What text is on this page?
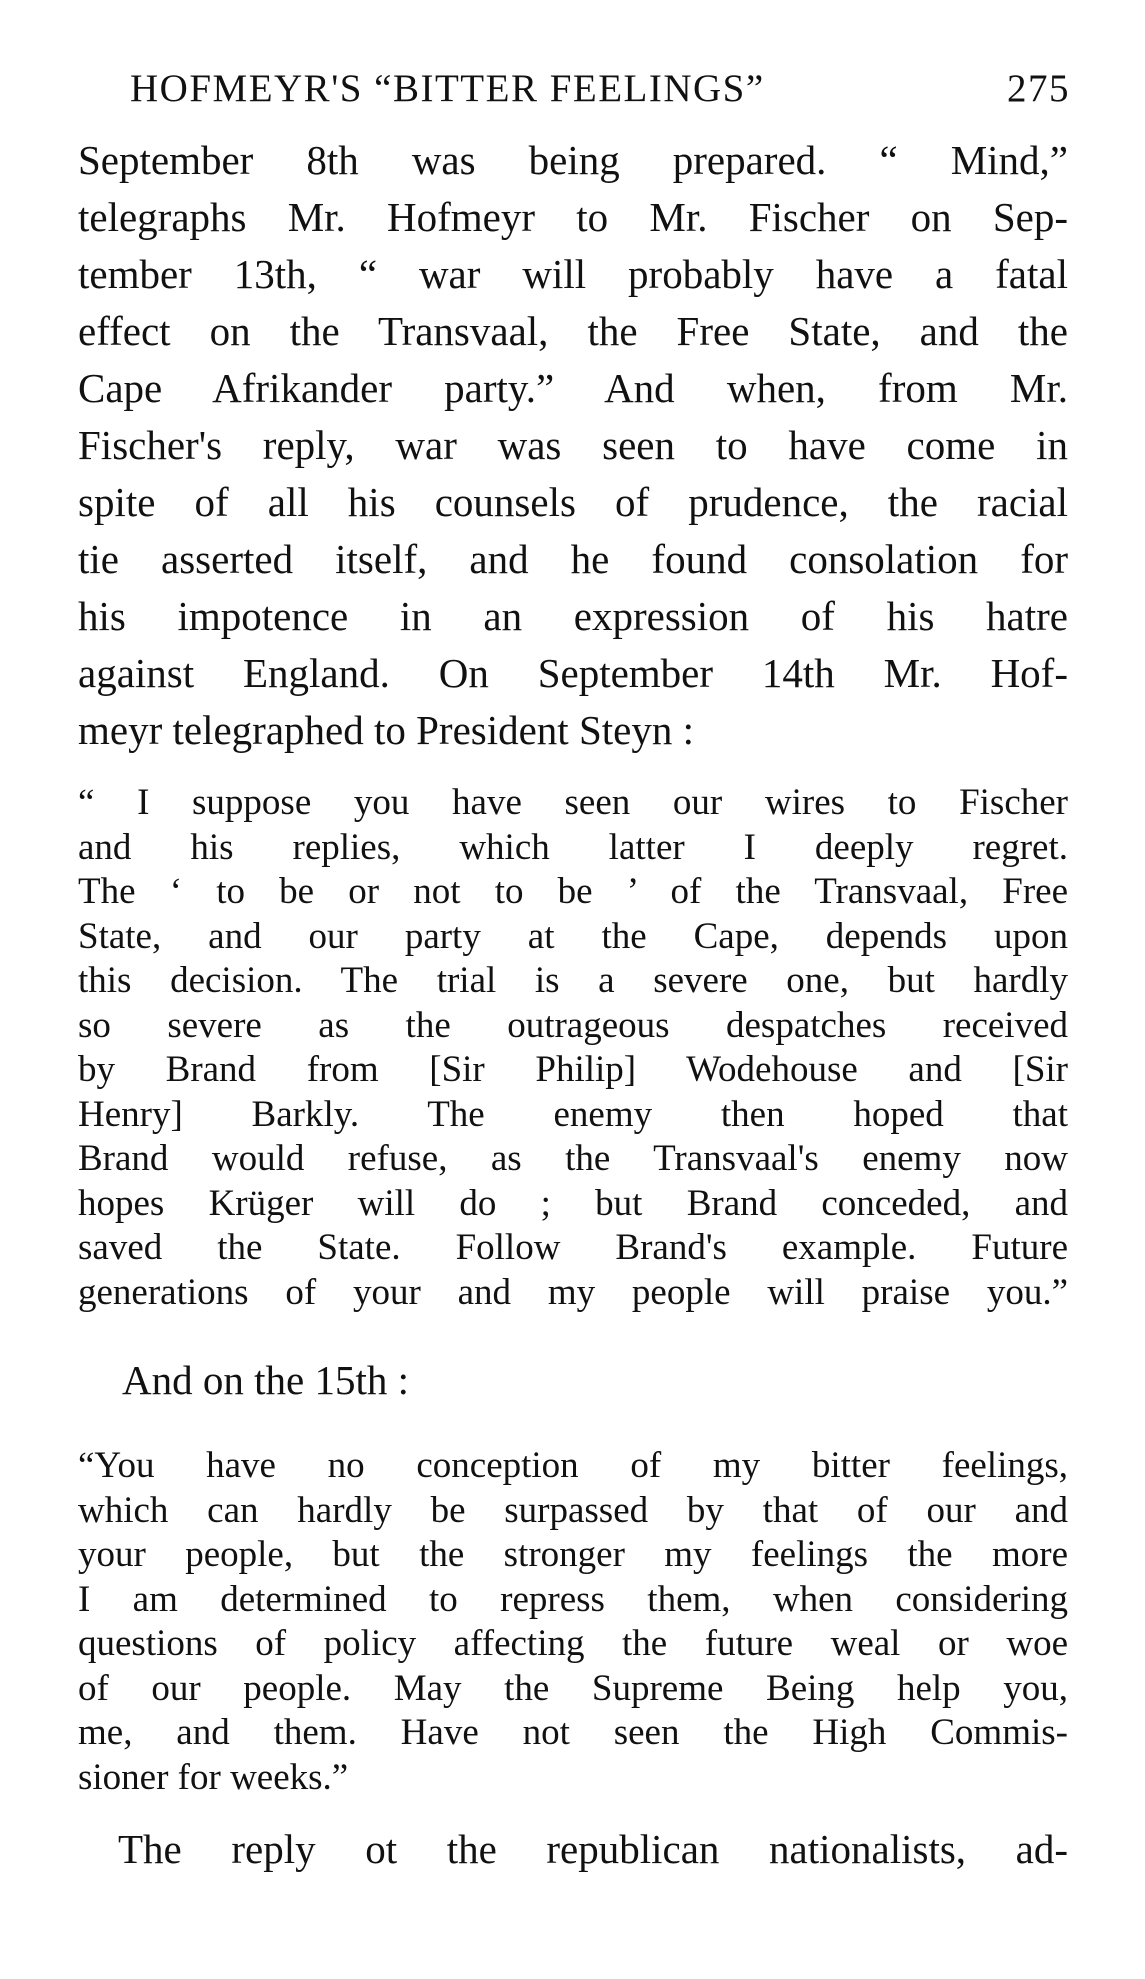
HOFMEYR'S “BITTER FEELINGS”	275
September 8th was being prepared. “ Mind,”
telegraphs Mr. Hofmeyr to Mr. Fischer on Sep-
tember 13th, “ war will probably have a fatal
effect on the Transvaal, the Free State, and the
Cape Afrikander party.” And when, from Mr.
Fischer's reply, war was seen to have come in
spite of all his counsels of prudence, the racial
tie asserted itself, and he found consolation for
his impotence in an expression of his hatre
against England. On September 14th Mr. Hof-
meyr telegraphed to President Steyn :
“ I suppose you have seen our wires to Fischer
and his replies, which latter I deeply regret.
The ‘ to be or not to be ’ of the Transvaal, Free
State, and our party at the Cape, depends upon
this decision. The trial is a severe one, but hardly
so severe as the outrageous despatches received
by Brand from [Sir Philip] Wodehouse and [Sir
Henry] Barkly. The enemy then hoped that
Brand would refuse, as the Transvaal's enemy now
hopes Krüger will do ; but Brand conceded, and
saved the State. Follow Brand's example. Future
generations of your and my people will praise you.”
And on the 15th :
“You have no conception of my bitter feelings,
which can hardly be surpassed by that of our and
your people, but the stronger my feelings the more
I am determined to repress them, when considering
questions of policy affecting the future weal or woe
of our people. May the Supreme Being help you,
me, and them. Have not seen the High Commis-
sioner for weeks.”
The reply ot the republican nationalists, ad-
